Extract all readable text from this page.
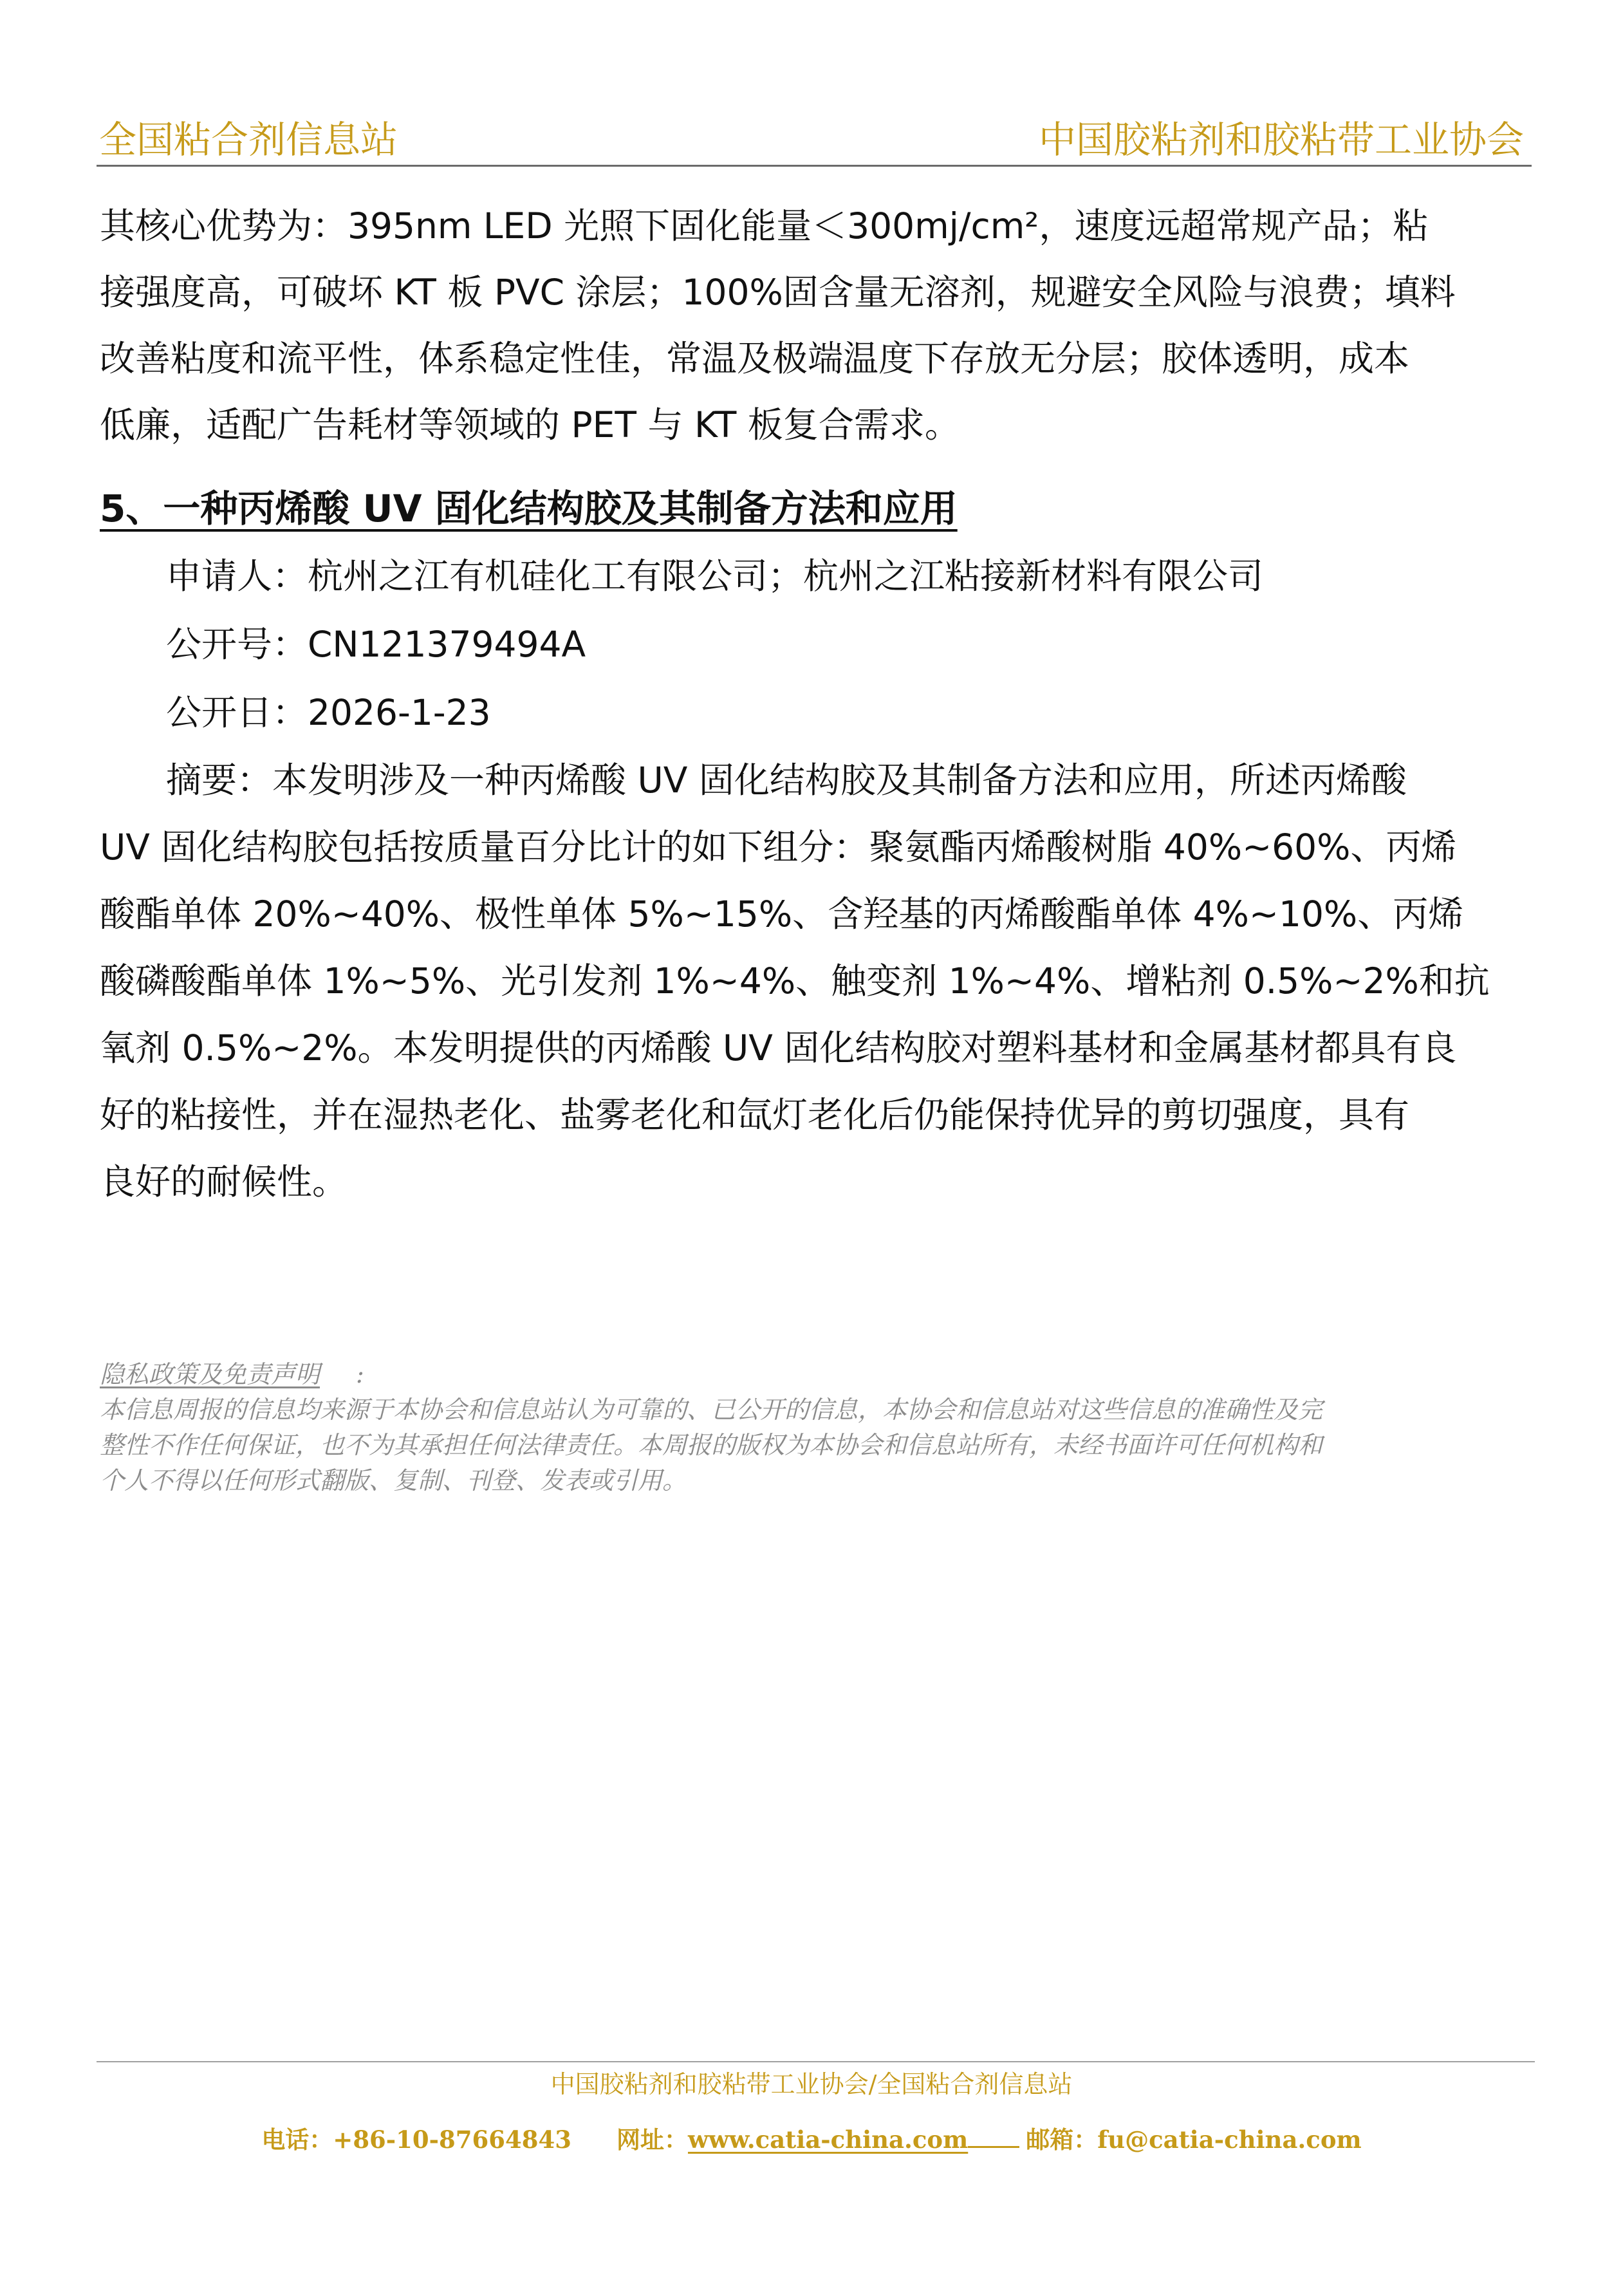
全国粘合剂信息站	中国胶粘剂和胶粘带工业协会
其核心优势为：395nm LED 光照下固化能量＜300mj/cm²，速度远超常规产品；粘
接强度高，可破坏 KT 板 PVC 涂层；100%固含量无溶剂，规避安全风险与浪费；填料
改善粘度和流平性，体系稳定性佳，常温及极端温度下存放无分层；胶体透明，成本
低廉，适配广告耗材等领域的 PET 与 KT 板复合需求。
5、一种丙烯酸 UV 固化结构胶及其制备方法和应用
申请人：杭州之江有机硅化工有限公司；杭州之江粘接新材料有限公司
公开号：CN121379494A
公开日：2026-1-23
摘要：本发明涉及一种丙烯酸 UV 固化结构胶及其制备方法和应用，所述丙烯酸
UV 固化结构胶包括按质量百分比计的如下组分：聚氨酯丙烯酸树脂 40%~60%、丙烯
酸酯单体 20%~40%、极性单体 5%~15%、含羟基的丙烯酸酯单体 4%~10%、丙烯
酸磷酸酯单体 1%~5%、光引发剂 1%~4%、触变剂 1%~4%、增粘剂 0.5%~2%和抗
氧剂 0.5%~2%。本发明提供的丙烯酸 UV 固化结构胶对塑料基材和金属基材都具有良
好的粘接性，并在湿热老化、盐雾老化和氙灯老化后仍能保持优异的剪切强度，具有
良好的耐候性。
隐私政策及免责声明	:
本信息周报的信息均来源于本协会和信息站认为可靠的、已公开的信息，本协会和信息站对这些信息的准确性及完
整性不作任何保证，也不为其承担任何法律责任。本周报的版权为本协会和信息站所有，未经书面许可任何机构和
个人不得以任何形式翻版、复制、刊登、发表或引用。
中国胶粘剂和胶粘带工业协会/全国粘合剂信息站
电话：+86-10-87664843 网址：www.catia-china.com 邮箱：fu@catia-china.com
